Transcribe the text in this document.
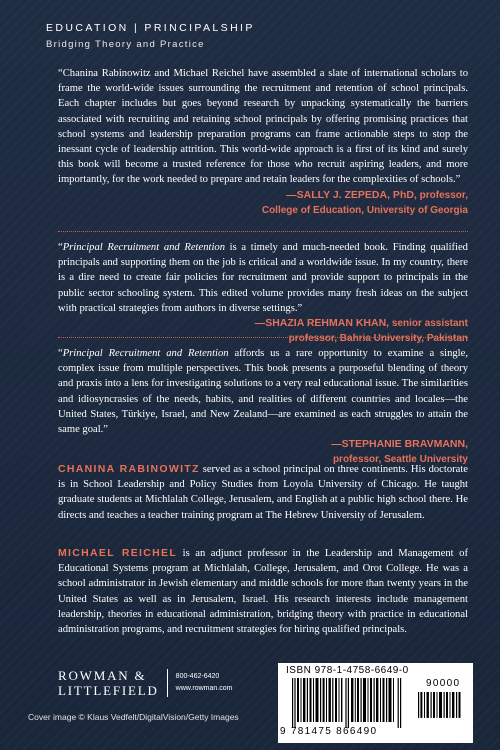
EDUCATION | PRINCIPALSHIP
Bridging Theory and Practice
“Chanina Rabinowitz and Michael Reichel have assembled a slate of international scholars to frame the world-wide issues surrounding the recruitment and retention of school principals. Each chapter includes but goes beyond research by unpacking systematically the barriers associated with recruiting and retaining school principals by offering promising practices that school systems and leadership preparation programs can frame actionable steps to stop the inessant cycle of leadership attrition. This world-wide approach is a first of its kind and surely this book will become a trusted reference for those who recruit aspiring leaders, and more importantly, for the work needed to prepare and retain leaders for the complexities of schools.”
—SALLY J. ZEPEDA, PhD, professor,
College of Education, University of Georgia
“Principal Recruitment and Retention is a timely and much-needed book. Finding qualified principals and supporting them on the job is critical and a worldwide issue. In my country, there is a dire need to create fair policies for recruitment and provide support to principals in the public sector schooling system. This edited volume provides many fresh ideas on the subject with practical strategies from authors in diverse settings.”
—SHAZIA REHMAN KHAN, senior assistant
professor, Bahria University, Pakistan
“Principal Recruitment and Retention affords us a rare opportunity to examine a single, complex issue from multiple perspectives. This book presents a purposeful blending of theory and praxis into a lens for investigating solutions to a very real educational issue. The similarities and idiosyncrasies of the needs, habits, and realities of different countries and locales—the United States, Türkiye, Israel, and New Zealand—are examined as each struggles to attain the same goal.”
—STEPHANIE BRAVMANN,
professor, Seattle University
CHANINA RABINOWITZ served as a school principal on three continents. His doctorate is in School Leadership and Policy Studies from Loyola University of Chicago. He taught graduate students at Michlalah College, Jerusalem, and English at a public high school there. He directs and teaches a teacher training program at The Hebrew University of Jerusalem.
MICHAEL REICHEL is an adjunct professor in the Leadership and Management of Educational Systems program at Michlalah, College, Jerusalem, and Orot College. He was a school administrator in Jewish elementary and middle schools for more than twenty years in the United States as well as in Jerusalem, Israel. His research interests include management leadership, theories in educational administration, bridging theory with practice in educational administration programs, and recruitment strategies for hiring qualified principals.
ROWMAN &
LITTLEFIELD
800-462-6420
www.rowman.com
Cover image © Klaus Vedfelt/DigitalVision/Getty Images
ISBN 978-1-4758-6649-0
90000
9 781475 866490
